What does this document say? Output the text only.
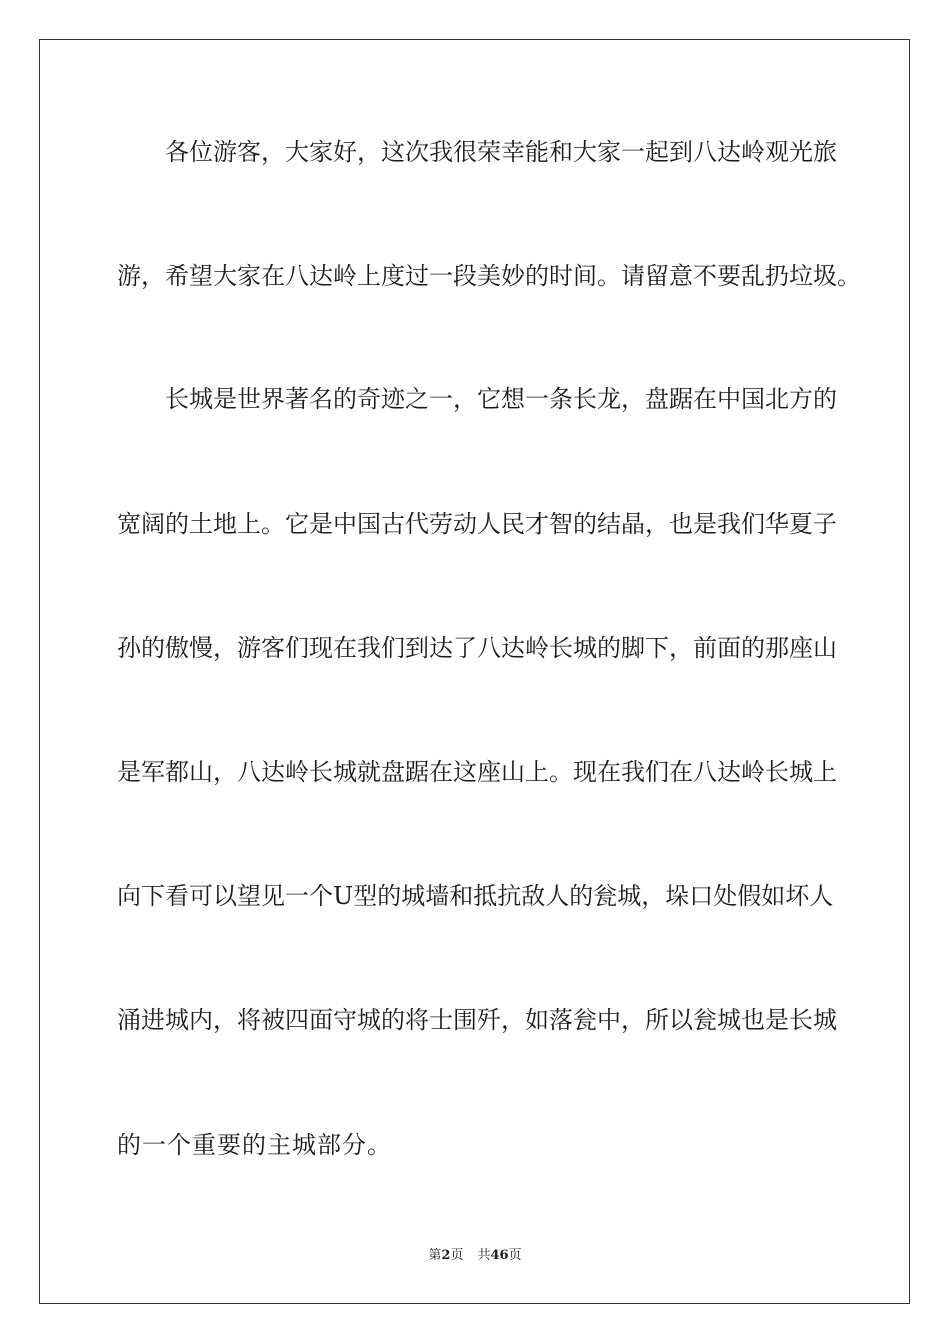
各位游客，大家好，这次我很荣幸能和大家一起到八达岭观光旅
游，希望大家在八达岭上度过一段美妙的时间。请留意不要乱扔垃圾。
长城是世界著名的奇迹之一，它想一条长龙，盘踞在中国北方的
宽阔的土地上。它是中国古代劳动人民才智的结晶，也是我们华夏子
孙的傲慢，游客们现在我们到达了八达岭长城的脚下，前面的那座山
是军都山，八达岭长城就盘踞在这座山上。现在我们在八达岭长城上
向下看可以望见一个U型的城墙和抵抗敌人的瓮城，垛口处假如坏人
涌进城内，将被四面守城的将士围歼，如落瓮中，所以瓮城也是长城
的一个重要的主城部分。
第2页 共46页
